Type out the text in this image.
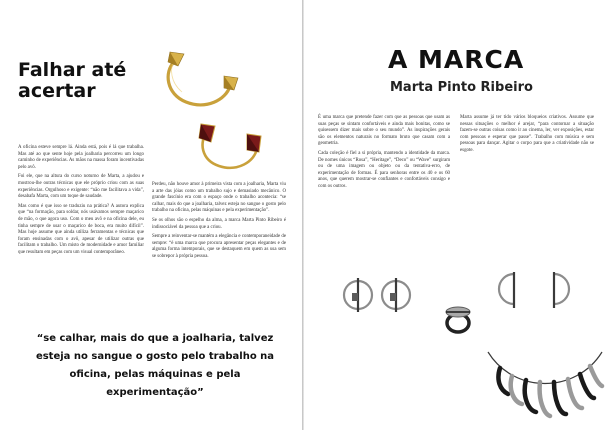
Falhar até acertar

A oficina esteve sempre lá. Ainda está, pois é lá que trabalha. Mas até ao que sente hoje pela joalharia percorreu um longo caminho de experiências. As mãos na massa foram incentivadas pelo avô.

Foi ele, que na altura do curso noturno de Marta, a ajudou e mostrou-lhe outras técnicas que ele próprio criou com as suas experiências. Orgulhoso e exigente: “não me facilitava a vida”, desabafa Marta, com um toque de saudade.

Mas como é que isso se traduziu na prática? A autora explica que “na formação, para soldar, nós usávamos sempre maçarico de mão, o que agora uso. Com o meu avô e na oficina dele, eu tinha sempre de usar o maçarico de boca, era muito difícil”. Mas hoje assume que ainda utiliza ferramentas e técnicas que foram ensinadas com o avô, apesar de utilizar outras que facilitam o trabalho. Um misto de modernidade e amor familiar que resultam em peças com um visual contemporâneo.

Perdeu, não houve amor à primeira vista com a joalharia, Marta viu a arte das jóias como um trabalho sujo e demasiado mecânico. O grande fascínio era com o espaço onde o trabalho acontecia: “se calhar, mais do que a joalharia, talvez esteja no sangue o gosto pelo trabalho na oficina, pelas máquinas e pela experimentação”.

Se os olhos são o espelho da alma, a marca Marta Pinto Ribeiro é indissociável da pessoa que a criou.

Sempre a reinventar-se mantém a elegância e contemporaneidade de sempre: “é uma marca que procura apresentar peças elegantes e de alguma forma intemporais, que se destaquem em quem as usa sem se sobrepor à própria pessoa.

“se calhar, mais do que a joalharia, talvez esteja no sangue o gosto pelo trabalho na oficina, pelas máquinas e pela experimentação”

A MARCA
Marta Pinto Ribeiro

É uma marca que pretende fazer com que as pessoas que usam as suas peças se sintam confortáveis e ainda mais bonitas, como se quisessem dizer mais sobre o seu mundo”. As inspirações gerais são os elementos naturais no formato bruto que casam com a geometria.

Cada coleção é fiel a si própria, mantendo a identidade da marca. De nomes únicos “Rosa”, “Heritage”, “Deco” ou “Wave” surgiram ou de uma imagem ou objeto ou da tentativa-erro, de experimentação de formas. É para senhoras entre os 40 e os 60 anos, que querem mostrar-se confiantes e confortáveis consigo e com os outros.

Marta assume já ter tido vários bloqueios criativos. Assume que nessas situações o melhor é arejar, “para contornar a situação fazem-se outras coisas como ir ao cinema, ler, ver exposições, estar com pessoas e esperar que passe”. Trabalho com música e sem pessoas para dançar. Agitar o corpo para que a criatividade não se esgote.
